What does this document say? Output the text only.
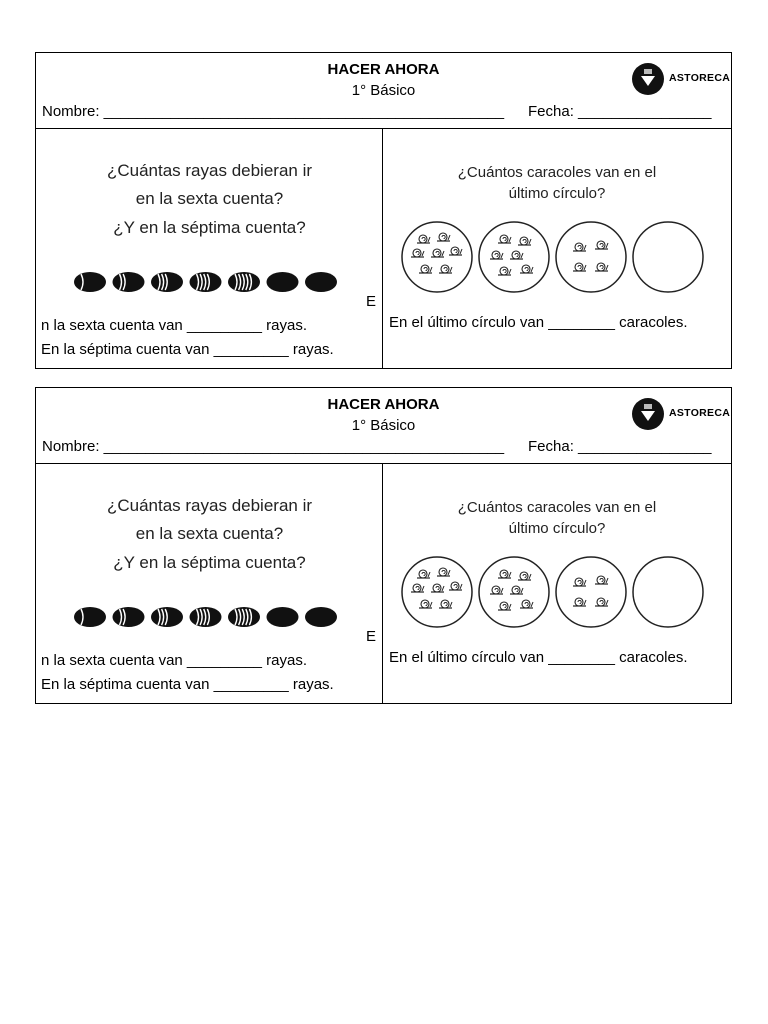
HACER AHORA
1° Básico
Nombre: ________________________________________________ Fecha: ________________
ASTORECA
¿Cuántas rayas debieran ir
en la sexta cuenta?
¿Y en la séptima cuenta?
E
n la sexta cuenta van _________ rayas.
En la séptima cuenta van _________ rayas.
¿Cuántos caracoles van en el
último círculo?
En el último círculo van ________ caracoles.
HACER AHORA
1° Básico
Nombre: ________________________________________________ Fecha: ________________
ASTORECA
¿Cuántas rayas debieran ir
en la sexta cuenta?
¿Y en la séptima cuenta?
E
n la sexta cuenta van _________ rayas.
En la séptima cuenta van _________ rayas.
¿Cuántos caracoles van en el
último círculo?
En el último círculo van ________ caracoles.
